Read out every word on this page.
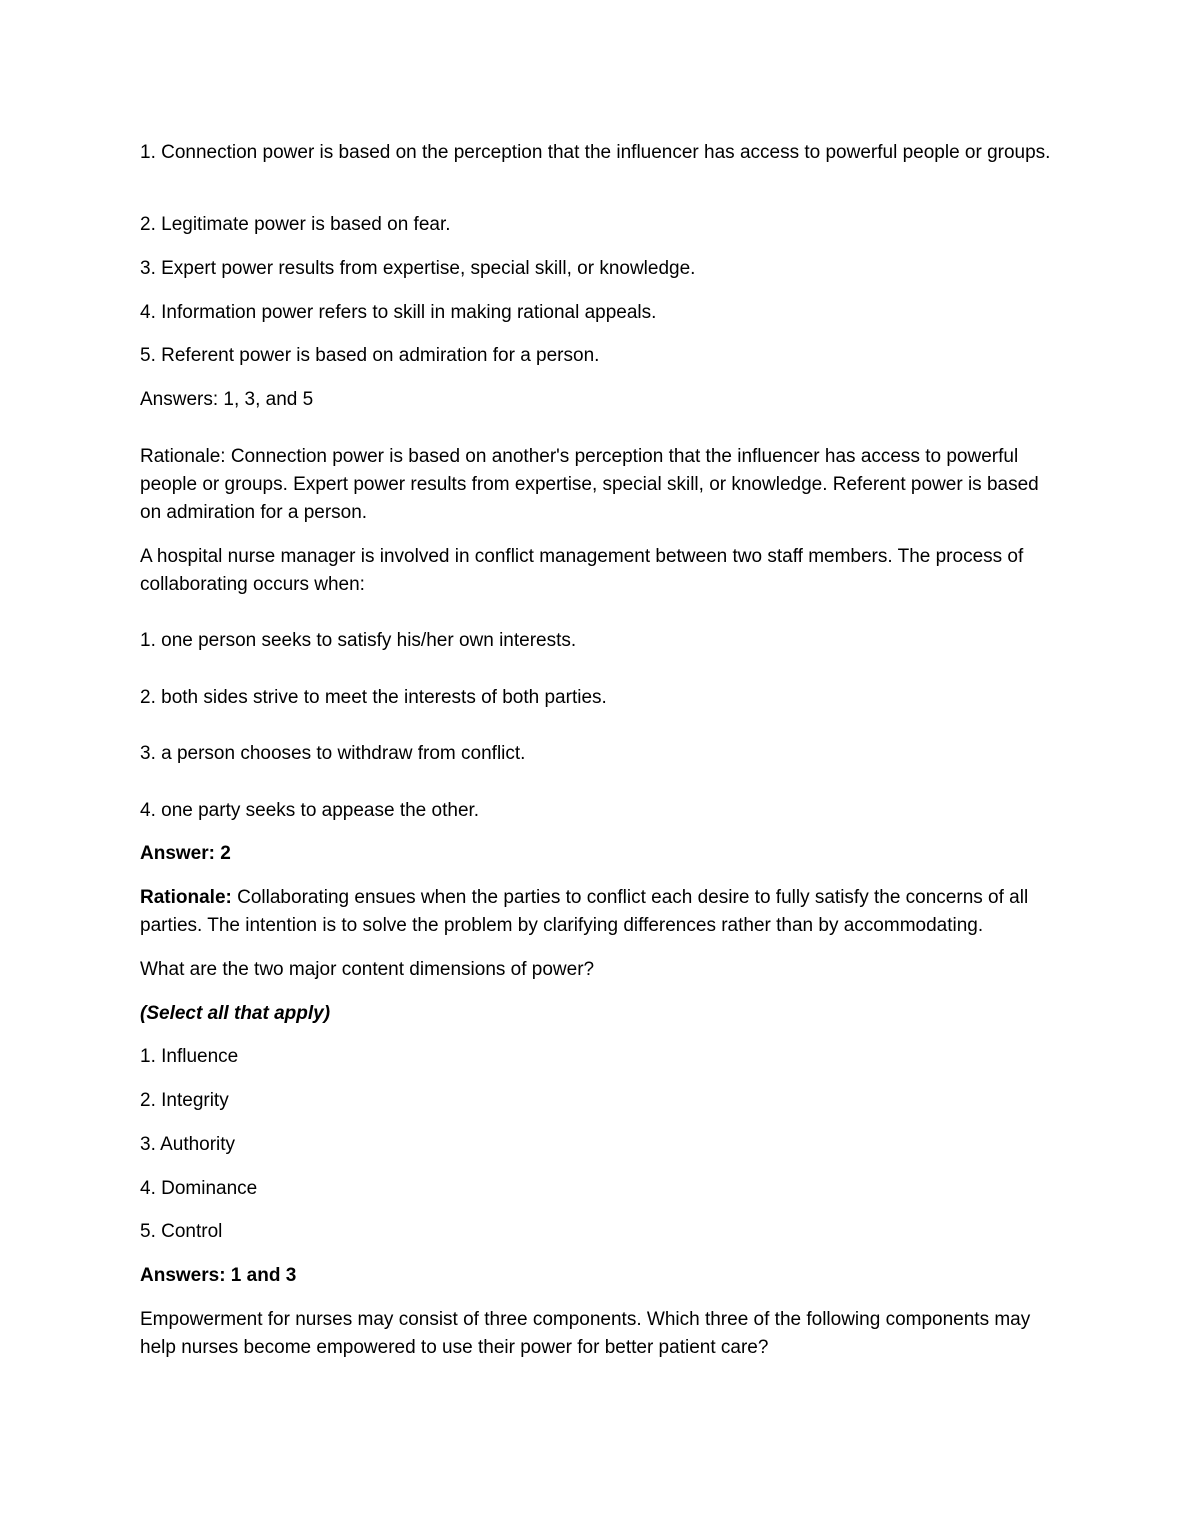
1. Connection power is based on the perception that the influencer has access to powerful people or groups.

2. Legitimate power is based on fear.

3. Expert power results from expertise, special skill, or knowledge.

4. Information power refers to skill in making rational appeals.

5. Referent power is based on admiration for a person.

Answers: 1, 3, and 5

Rationale: Connection power is based on another's perception that the influencer has access to powerful people or groups. Expert power results from expertise, special skill, or knowledge. Referent power is based on admiration for a person.

A hospital nurse manager is involved in conflict management between two staff members. The process of collaborating occurs when:

1. one person seeks to satisfy his/her own interests.

2. both sides strive to meet the interests of both parties.

3. a person chooses to withdraw from conflict.

4. one party seeks to appease the other.

Answer: 2

Rationale: Collaborating ensues when the parties to conflict each desire to fully satisfy the concerns of all parties. The intention is to solve the problem by clarifying differences rather than by accommodating.

What are the two major content dimensions of power?

(Select all that apply)

1. Influence

2. Integrity

3. Authority

4. Dominance

5. Control

Answers: 1 and 3

Empowerment for nurses may consist of three components. Which three of the following components may help nurses become empowered to use their power for better patient care?
